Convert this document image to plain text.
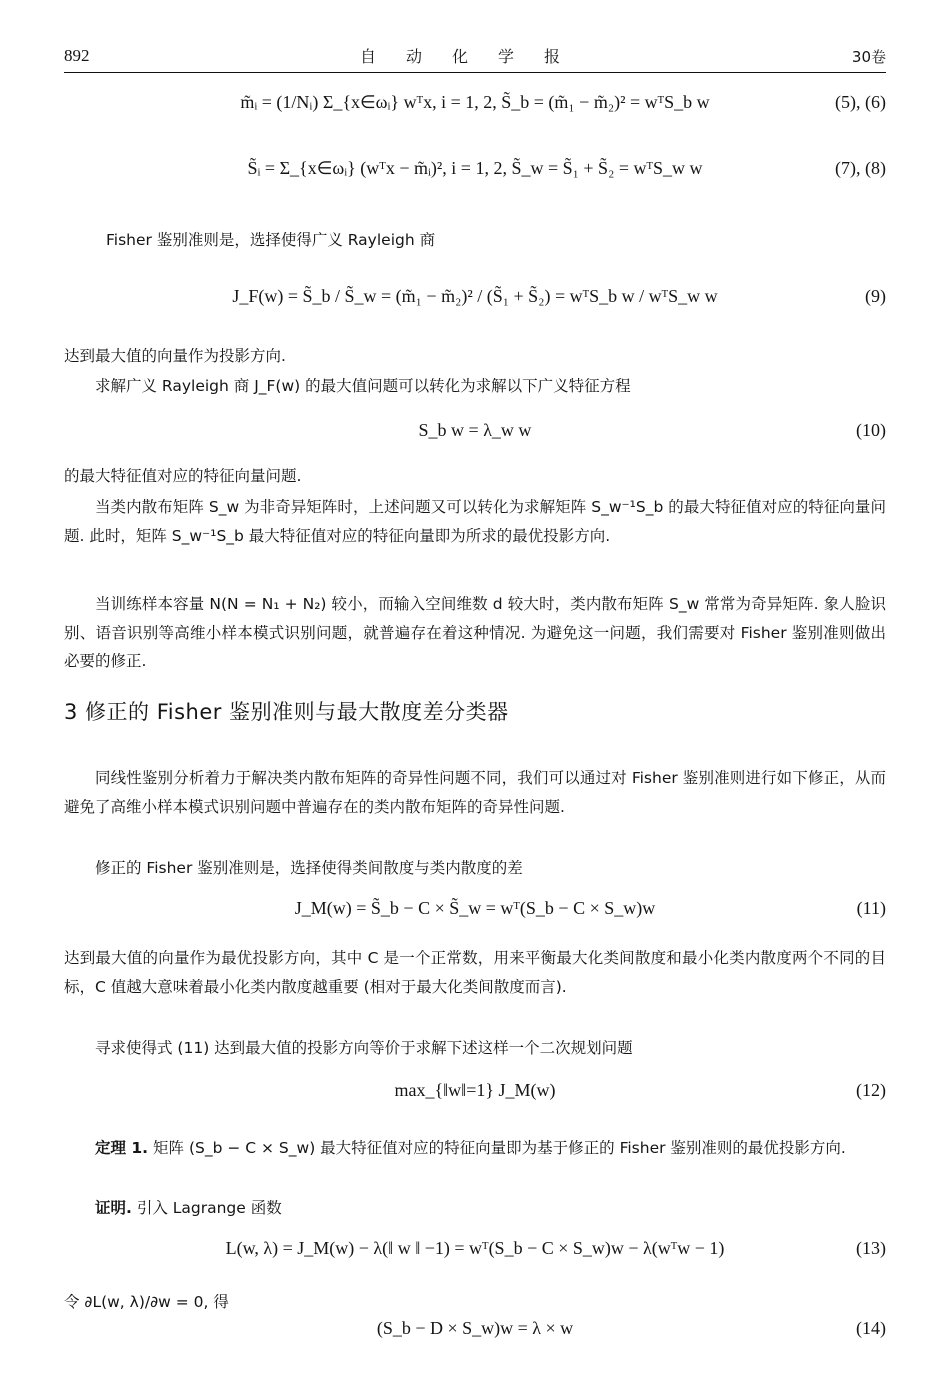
892	自动化学报	30卷
m̃ᵢ = (1/Nᵢ) Σ_{x∈ωᵢ} wᵀx, i = 1, 2, S̃_b = (m̃₁ − m̃₂)² = wᵀS_b w	(5), (6)
S̃ᵢ = Σ_{x∈ωᵢ} (wᵀx − m̃ᵢ)², i = 1, 2, S̃_w = S̃₁ + S̃₂ = wᵀS_w w	(7), (8)
Fisher 鉴别准则是，选择使得广义 Rayleigh 商
J_F(w) = S̃_b / S̃_w = (m̃₁ − m̃₂)² / (S̃₁ + S̃₂) = wᵀS_b w / wᵀS_w w	(9)
达到最大值的向量作为投影方向.
求解广义 Rayleigh 商 J_F(w) 的最大值问题可以转化为求解以下广义特征方程
S_b w = λ_w w	(10)
的最大特征值对应的特征向量问题.
当类内散布矩阵 S_w 为非奇异矩阵时，上述问题又可以转化为求解矩阵 S_w⁻¹S_b 的最大特征值对应的特征向量问题. 此时，矩阵 S_w⁻¹S_b 最大特征值对应的特征向量即为所求的最优投影方向.
当训练样本容量 N(N = N₁ + N₂) 较小，而输入空间维数 d 较大时，类内散布矩阵 S_w 常常为奇异矩阵. 象人脸识别、语音识别等高维小样本模式识别问题，就普遍存在着这种情况. 为避免这一问题，我们需要对 Fisher 鉴别准则做出必要的修正.
3 修正的 Fisher 鉴别准则与最大散度差分类器
同线性鉴别分析着力于解决类内散布矩阵的奇异性问题不同，我们可以通过对 Fisher 鉴别准则进行如下修正，从而避免了高维小样本模式识别问题中普遍存在的类内散布矩阵的奇异性问题.
修正的 Fisher 鉴别准则是，选择使得类间散度与类内散度的差
J_M(w) = S̃_b − C × S̃_w = wᵀ(S_b − C × S_w)w	(11)
达到最大值的向量作为最优投影方向，其中 C 是一个正常数，用来平衡最大化类间散度和最小化类内散度两个不同的目标，C 值越大意味着最小化类内散度越重要 (相对于最大化类间散度而言).
寻求使得式 (11) 达到最大值的投影方向等价于求解下述这样一个二次规划问题
max_{‖w‖=1} J_M(w)	(12)
定理 1. 矩阵 (S_b − C × S_w) 最大特征值对应的特征向量即为基于修正的 Fisher 鉴别准则的最优投影方向.
证明. 引入 Lagrange 函数
L(w, λ) = J_M(w) − λ(‖ w ‖ −1) = wᵀ(S_b − C × S_w)w − λ(wᵀw − 1)	(13)
令 ∂L(w, λ)/∂w = 0, 得
(S_b − D × S_w)w = λ × w	(14)
